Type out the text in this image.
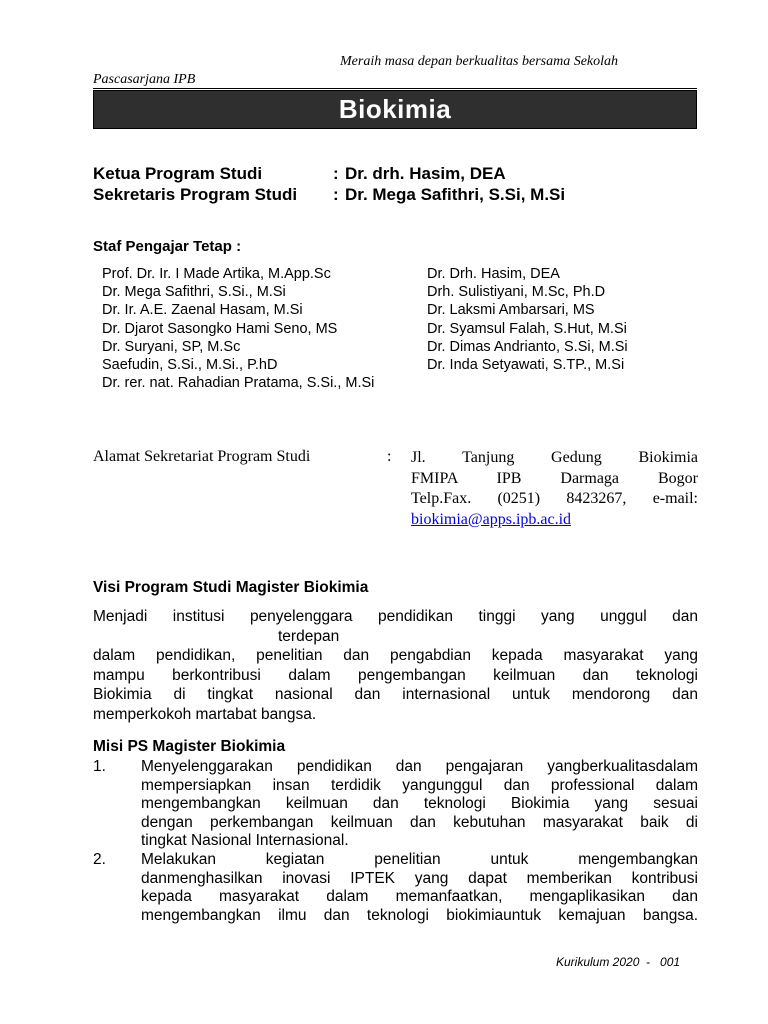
Meraih masa depan berkualitas bersama Sekolah
Pascasarjana IPB
Biokimia
Ketua Program Studi	: Dr. drh. Hasim, DEA
Sekretaris Program Studi : Dr. Mega Safithri, S.Si, M.Si
Staf Pengajar Tetap :
Prof. Dr. Ir. I Made Artika, M.App.Sc
Dr. Mega Safithri, S.Si., M.Si
Dr. Ir. A.E. Zaenal Hasam, M.Si
Dr. Djarot Sasongko Hami Seno, MS
Dr. Suryani, SP, M.Sc
Saefudin, S.Si., M.Si., P.hD
Dr. rer. nat. Rahadian Pratama, S.Si., M.Si
Dr. Drh. Hasim, DEA
Drh. Sulistiyani, M.Sc, Ph.D
Dr. Laksmi Ambarsari, MS
Dr. Syamsul Falah, S.Hut, M.Si
Dr. Dimas Andrianto, S.Si, M.Si
Dr. Inda Setyawati, S.TP., M.Si
Alamat Sekretariat Program Studi	: Jl. Tanjung Gedung Biokimia
FMIPA IPB Darmaga Bogor
Telp.Fax. (0251) 8423267, e-mail:
biokimia@apps.ipb.ac.id
Visi Program Studi Magister Biokimia
Menjadi institusi penyelenggara pendidikan tinggi yang unggul dan
terdepan
dalam pendidikan, penelitian dan pengabdian kepada masyarakat yang
mampu berkontribusi dalam pengembangan keilmuan dan teknologi
Biokimia di tingkat nasional dan internasional untuk mendorong dan
memperkokoh martabat bangsa.
Misi PS Magister Biokimia
1. Menyelenggarakan pendidikan dan pengajaran yangberkualitasdalam
mempersiapkan insan terdidik yangunggul dan professional dalam
mengembangkan keilmuan dan teknologi Biokimia yang sesuai
dengan perkembangan keilmuan dan kebutuhan masyarakat baik di
tingkat Nasional Internasional.
2. Melakukan kegiatan penelitian untuk mengembangkan
danmenghasilkan inovasi IPTEK yang dapat memberikan kontribusi
kepada masyarakat dalam memanfaatkan, mengaplikasikan dan
mengembangkan ilmu dan teknologi biokimiauntuk kemajuan bangsa.
Kurikulum 2020  -   001
